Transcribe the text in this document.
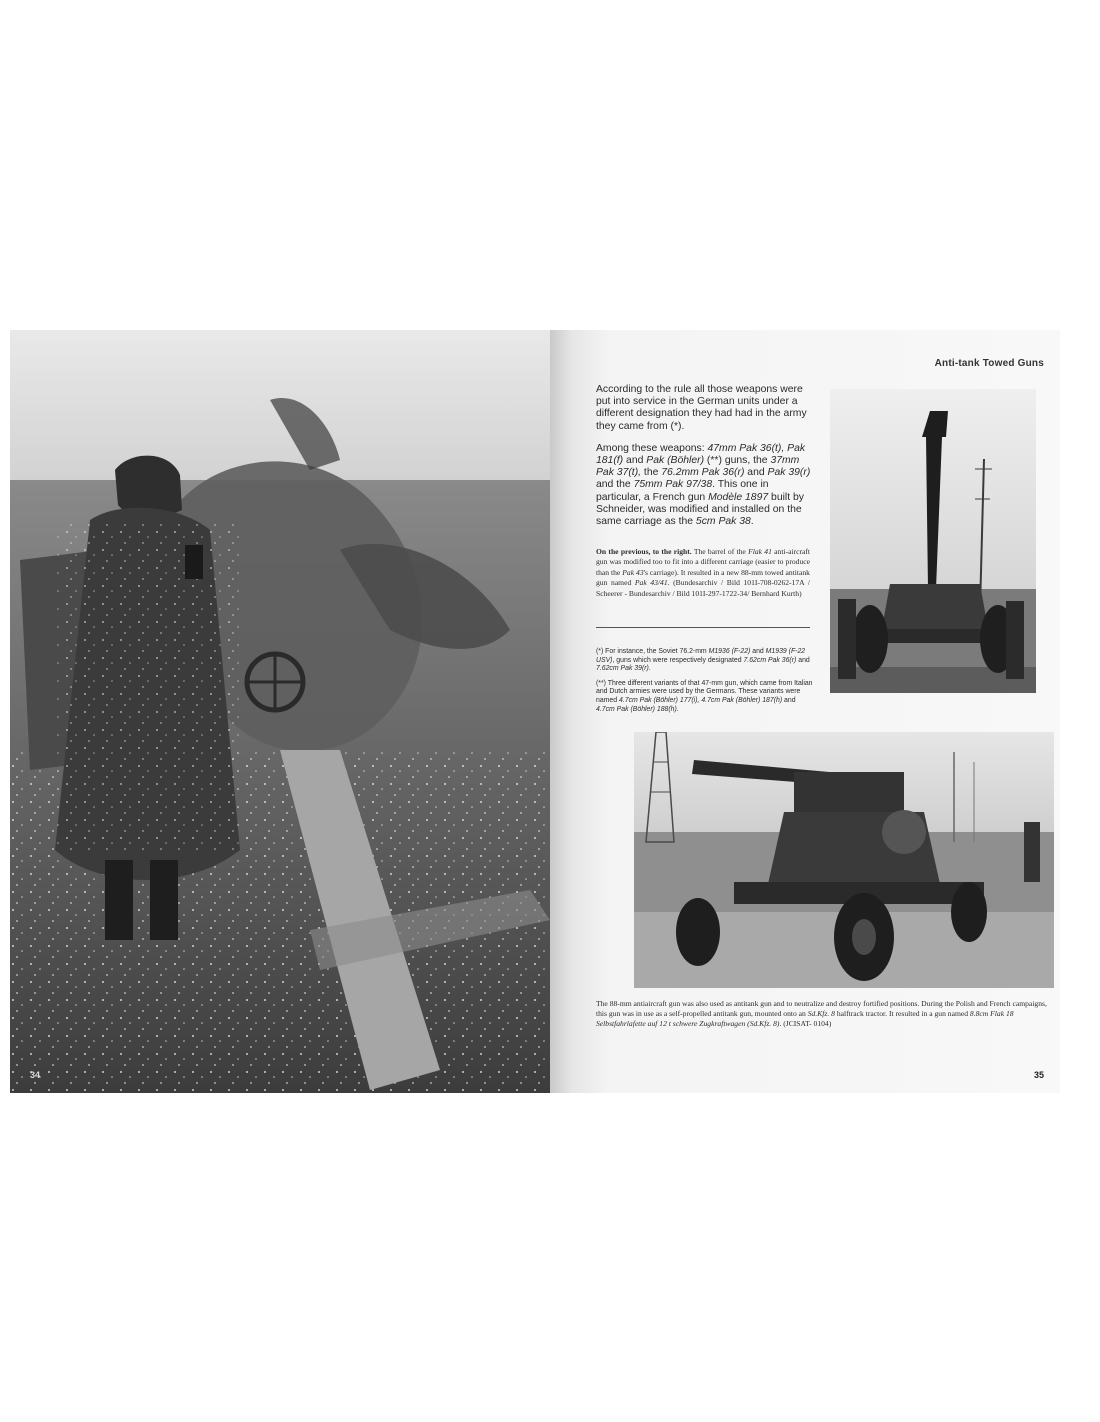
34
Anti-tank Towed Guns

According to the rule all those weapons were put into service in the German units under a different designation they had had in the army they came from (*).

Among these weapons: 47mm Pak 36(t), Pak 181(f) and Pak (Böhler) (**) guns, the 37mm Pak 37(t), the 76.2mm Pak 36(r) and Pak 39(r) and the 75mm Pak 97/38. This one in particular, a French gun Modèle 1897 built by Schneider, was modified and installed on the same carriage as the 5cm Pak 38.

On the previous, to the right. The barrel of the Flak 41 anti-aircraft gun was modified too to fit into a different carriage (easier to produce than the Pak 43's carriage). It resulted in a new 88-mm towed antitank gun named Pak 43/41. (Bundesarchiv / Bild 101I-708-0262-17A / Scheerer - Bundesarchiv / Bild 101I-297-1722-34/ Bernhard Kurth)

(*) For instance, the Soviet 76.2-mm M1936 (F-22) and M1939 (F-22 USV), guns which were respectively designated 7.62cm Pak 36(r) and 7.62cm Pak 39(r).

(**) Three different variants of that 47-mm gun, which came from Italian and Dutch armies were used by the Germans. These variants were named 4.7cm Pak (Böhler) 177(i), 4.7cm Pak (Böhler) 187(h) and 4.7cm Pak (Böhler) 188(h).

The 88-mm antiaircraft gun was also used as antitank gun and to neutralize and destroy fortified positions. During the Polish and French campaigns, this gun was in use as a self-propelled antitank gun, mounted onto an Sd.Kfz. 8 halftrack tractor. It resulted in a gun named 8.8cm Flak 18 Selbstfahrlafette auf 12 t schwere Zugkraftwagen (Sd.Kfz. 8). (JCISAT- 0104)
35
